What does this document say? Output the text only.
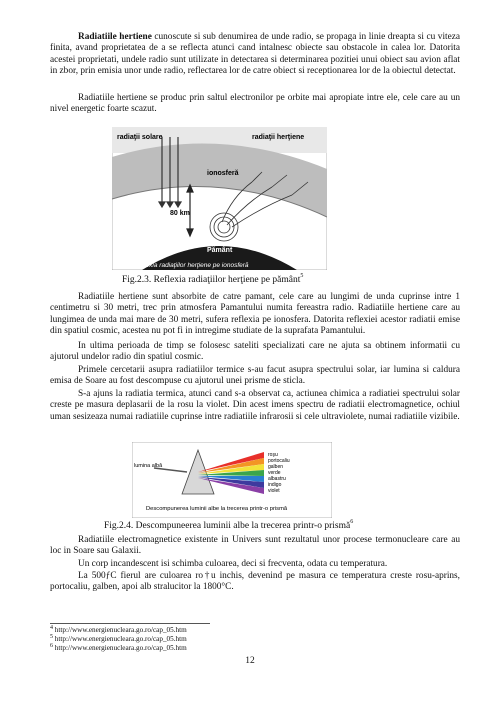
Radiatiile hertiene cunoscute si sub denumirea de unde radio, se propaga in linie dreapta si cu viteza finita, avand proprietatea de a se reflecta atunci cand intalnesc obiecte sau obstacole in calea lor. Datorita acestei proprietati, undele radio sunt utilizate in detectarea si determinarea pozitiei unui obiect sau avion aflat in zbor, prin emisia unor unde radio, reflectarea lor de catre obiect si receptionarea lor de la obiectul detectat.
Radiatiile hertiene se produc prin saltul electronilor pe orbite mai apropiate intre ele, cele care au un nivel energetic foarte scazut.
radiaţii solare	radiaţii herţiene
ionosferă
80 km
Pământ
Reflexia radiaţiilor herţiene pe ionosferă
Fig.2.3. Reflexia radiaţiilor herţiene pe pământ$^5$
Radiatiile hertiene sunt absorbite de catre pamant, cele care au lungimi de unda cuprinse intre 1 centimetru si 30 metri, trec prin atmosfera Pamantului numita fereastra radio. Radiatiile hertiene care au lungimea de unda mai mare de 30 metri, sufera reflexia pe ionosfera. Datorita reflexiei acestor radiatii emise din spatiul cosmic, acestea nu pot fi in intregime studiate de la suprafata Pamantului.
In ultima perioada de timp se folosesc sateliti specializati care ne ajuta sa obtinem informatii cu ajutorul undelor radio din spatiul cosmic.
Primele cercetarii asupra radiatiilor termice s-au facut asupra spectrului solar, iar lumina si caldura emisa de Soare au fost descompuse cu ajutorul unei prisme de sticla.
S-a ajuns la radiatia termica, atunci cand s-a observat ca, actiunea chimica a radiatiei spectrului solar creste pe masura deplasarii de la rosu la violet. Din acest imens spectru de radiatii electromagnetice, ochiul uman sesizeaza numai radiatiile cuprinse intre radiatiile infrarosii si cele ultraviolete, numai radiatiile vizibile.
lumina albă
roşu
portocaliu
galben
verde
albastru
indigo
violet
Descompunerea luminii albe la trecerea printr-o prismă
Fig.2.4. Descompuneerea luminii albe la trecerea printr-o prismă$^6$
Radiatiile electromagnetice existente in Univers sunt rezultatul unor procese termonucleare care au loc in Soare sau Galaxii.
Un corp incandescent isi schimba culoarea, deci si frecventa, odata cu temperatura.
La 500ƒC fierul are culoarea ro†u inchis, devenind pe masura ce temperatura creste rosu-aprins, portocaliu, galben, apoi alb stralucitor la 1800°C.
$^4$ http://www.energienucleara.go.ro/cap_05.htm
$^5$ http://www.energienucleara.go.ro/cap_05.htm
$^6$ http://www.energienucleara.go.ro/cap_05.htm
12
